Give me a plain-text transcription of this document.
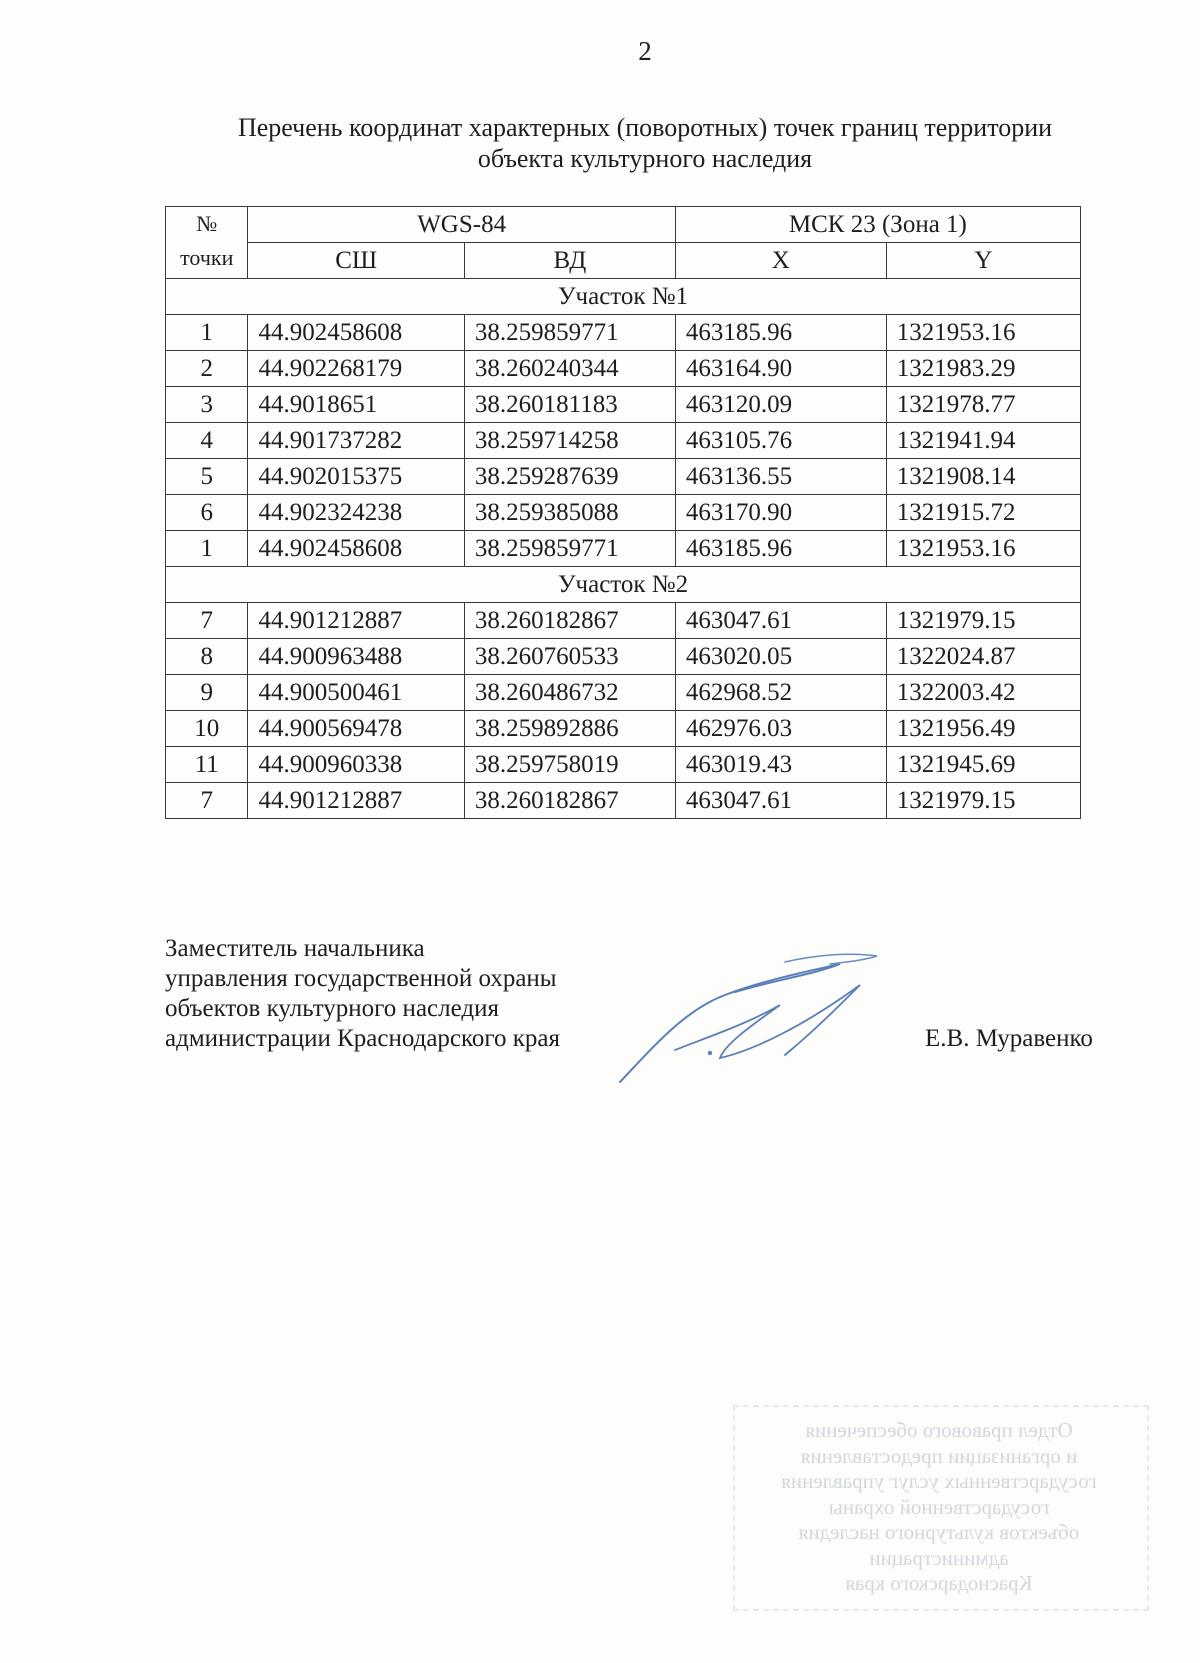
2
Перечень координат характерных (поворотных) точек границ территории
объекта культурного наследия
№
точки	WGS-84		МСК 23 (Зона 1)	
	СШ	ВД	X	Y
Участок №1				
1	44.902458608	38.259859771	463185.96	1321953.16
2	44.902268179	38.260240344	463164.90	1321983.29
3	44.9018651	38.260181183	463120.09	1321978.77
4	44.901737282	38.259714258	463105.76	1321941.94
5	44.902015375	38.259287639	463136.55	1321908.14
6	44.902324238	38.259385088	463170.90	1321915.72
1	44.902458608	38.259859771	463185.96	1321953.16
Участок №2				
7	44.901212887	38.260182867	463047.61	1321979.15
8	44.900963488	38.260760533	463020.05	1322024.87
9	44.900500461	38.260486732	462968.52	1322003.42
10	44.900569478	38.259892886	462976.03	1321956.49
11	44.900960338	38.259758019	463019.43	1321945.69
7	44.901212887	38.260182867	463047.61	1321979.15
Заместитель начальника
управления государственной охраны
объектов культурного наследия
администрации Краснодарского края	Е.В. Муравенко
Отдел правового обеспечения
и организации предоставления
государственных услуг управления
государственной охраны
объектов культурного наследия
администрации
Краснодарского края
